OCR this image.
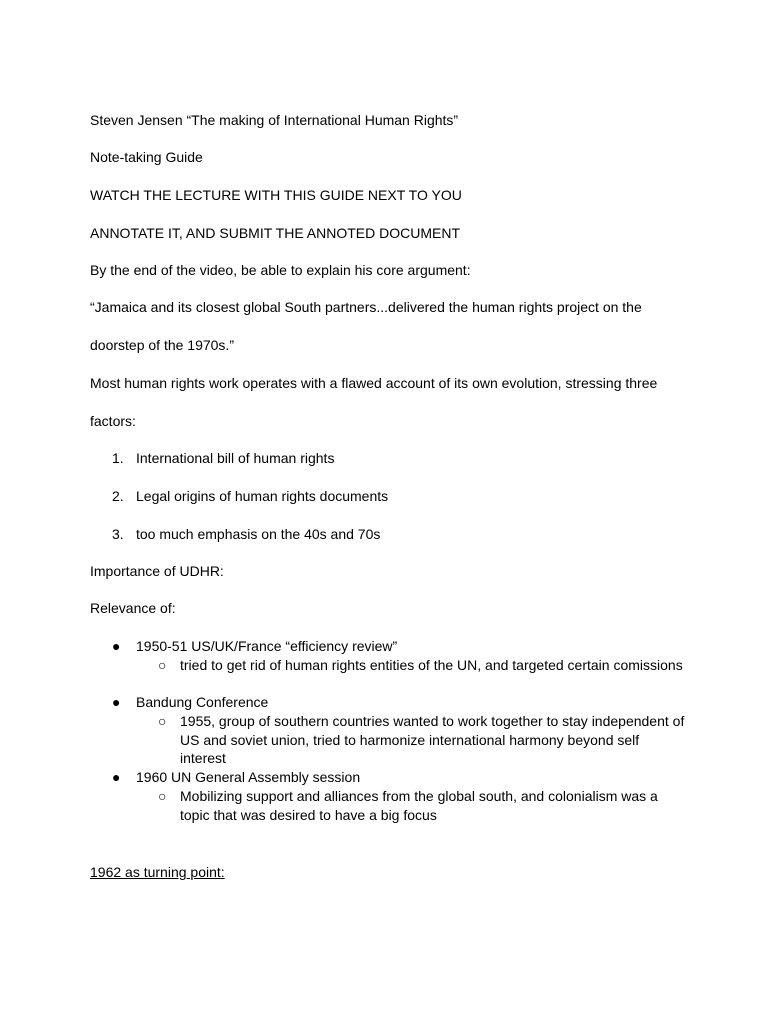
Steven Jensen “The making of International Human Rights”
Note-taking Guide
WATCH THE LECTURE WITH THIS GUIDE NEXT TO YOU
ANNOTATE IT, AND SUBMIT THE ANNOTED DOCUMENT
By the end of the video, be able to explain his core argument:
“Jamaica and its closest global South partners...delivered the human rights project on the
doorstep of the 1970s.”
Most human rights work operates with a flawed account of its own evolution, stressing three
factors:
1. International bill of human rights
2. Legal origins of human rights documents
3. too much emphasis on the 40s and 70s
Importance of UDHR:
Relevance of:
● 1950-51 US/UK/France “efficiency review”
○ tried to get rid of human rights entities of the UN, and targeted certain comissions
● Bandung Conference
○ 1955, group of southern countries wanted to work together to stay independent of US and soviet union, tried to harmonize international harmony beyond self interest
● 1960 UN General Assembly session
○ Mobilizing support and alliances from the global south, and colonialism was a topic that was desired to have a big focus
1962 as turning point:
